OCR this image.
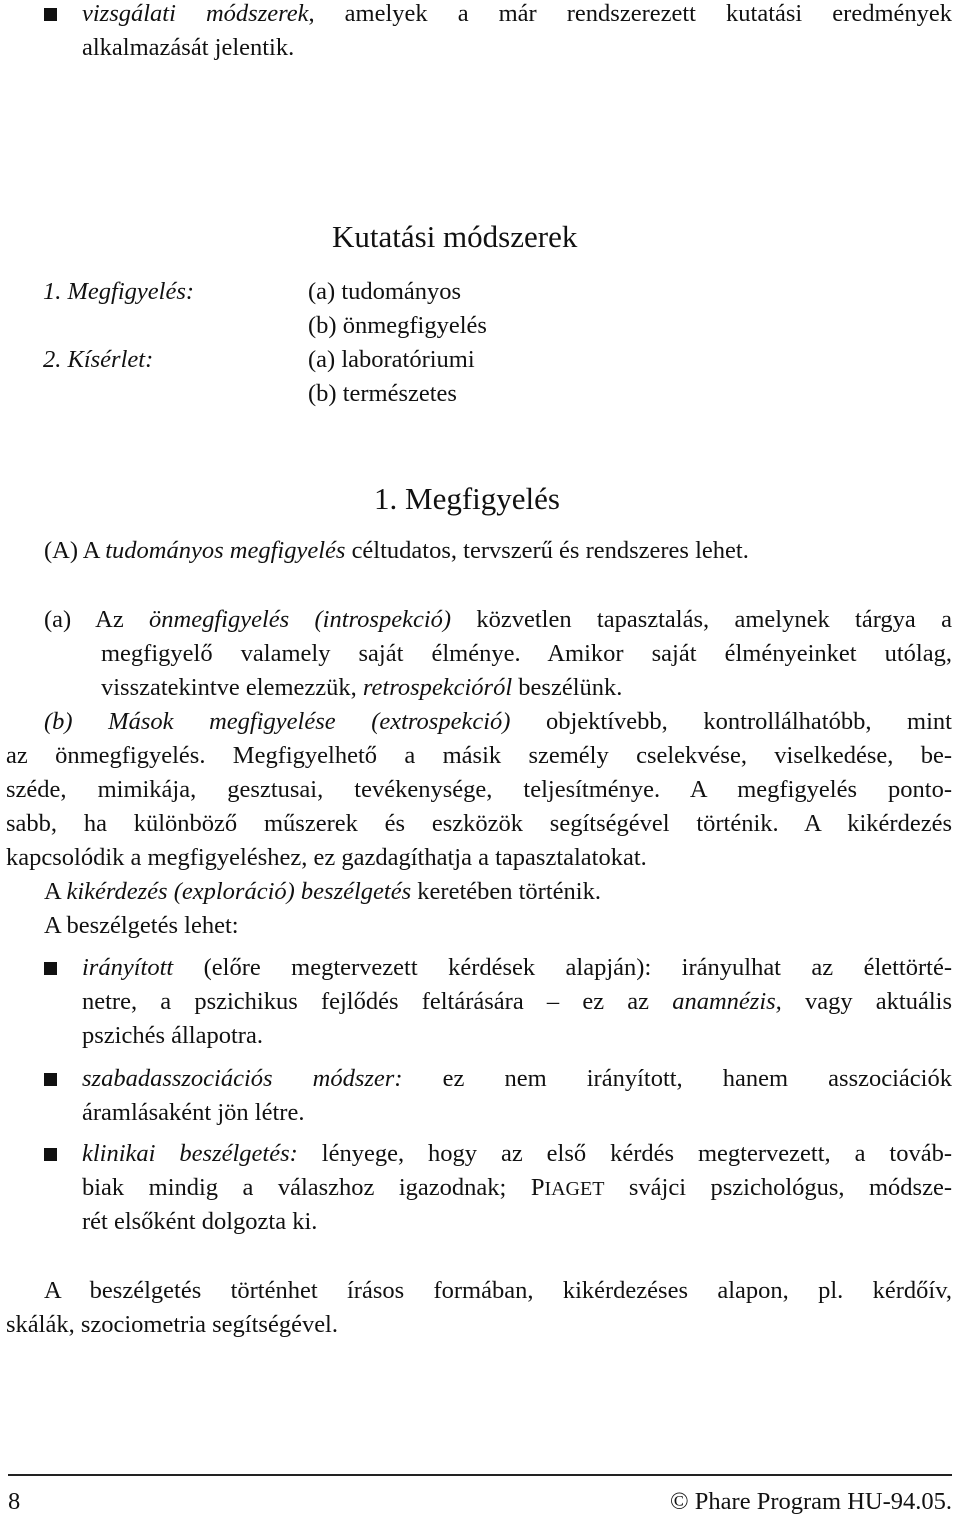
vizsgálati módszerek, amelyek a már rendszerezett kutatási eredmények
alkalmazását jelentik.
Kutatási módszerek
1. Megfigyelés:	(a) tudományos
(b) önmegfigyelés
2. Kísérlet:	(a) laboratóriumi
(b) természetes
1. Megfigyelés
(A) A tudományos megfigyelés céltudatos, tervszerű és rendszeres lehet.
(a) Az önmegfigyelés (introspekció) közvetlen tapasztalás, amelynek tárgya a
megfigyelő valamely saját élménye. Amikor saját élményeinket utólag,
visszatekintve elemezzük, retrospekcióról beszélünk.
(b) Mások megfigyelése (extrospekció) objektívebb, kontrollálhatóbb, mint
az önmegfigyelés. Megfigyelhető a másik személy cselekvése, viselkedése, be-
széde, mimikája, gesztusai, tevékenysége, teljesítménye. A megfigyelés ponto-
sabb, ha különböző műszerek és eszközök segítségével történik. A kikérdezés
kapcsolódik a megfigyeléshez, ez gazdagíthatja a tapasztalatokat.
A kikérdezés (exploráció) beszélgetés keretében történik.
A beszélgetés lehet:
irányított (előre megtervezett kérdések alapján): irányulhat az élettörté-
netre, a pszichikus fejlődés feltárására – ez az anamnézis, vagy aktuális
pszichés állapotra.
szabadasszociációs módszer: ez nem irányított, hanem asszociációk
áramlásaként jön létre.
klinikai beszélgetés: lényege, hogy az első kérdés megtervezett, a továb-
biak mindig a válaszhoz igazodnak; PIAGET svájci pszichológus, módsze-
rét elsőként dolgozta ki.
A beszélgetés történhet írásos formában, kikérdezéses alapon, pl. kérdőív,
skálák, szociometria segítségével.
8	© Phare Program HU-94.05.
